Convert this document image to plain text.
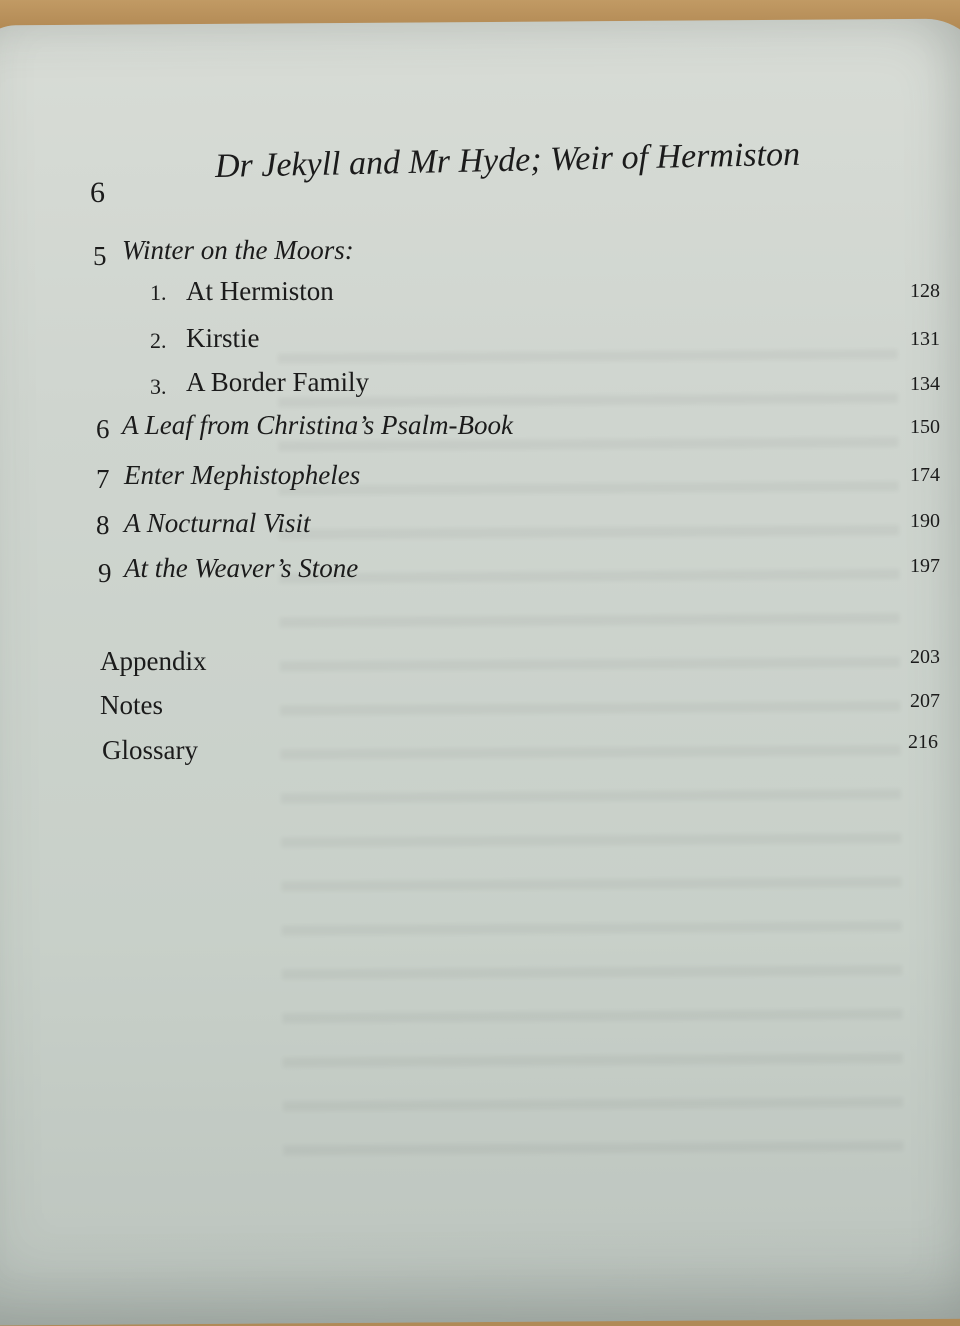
6
Dr Jekyll and Mr Hyde; Weir of Hermiston
5 Winter on the Moors:
1. At Hermiston	128
2. Kirstie	131
3. A Border Family	134
6 A Leaf from Christina’s Psalm-Book	150
7 Enter Mephistopheles	174
8 A Nocturnal Visit	190
9 At the Weaver’s Stone	197
Appendix	203
Notes	207
Glossary	216
